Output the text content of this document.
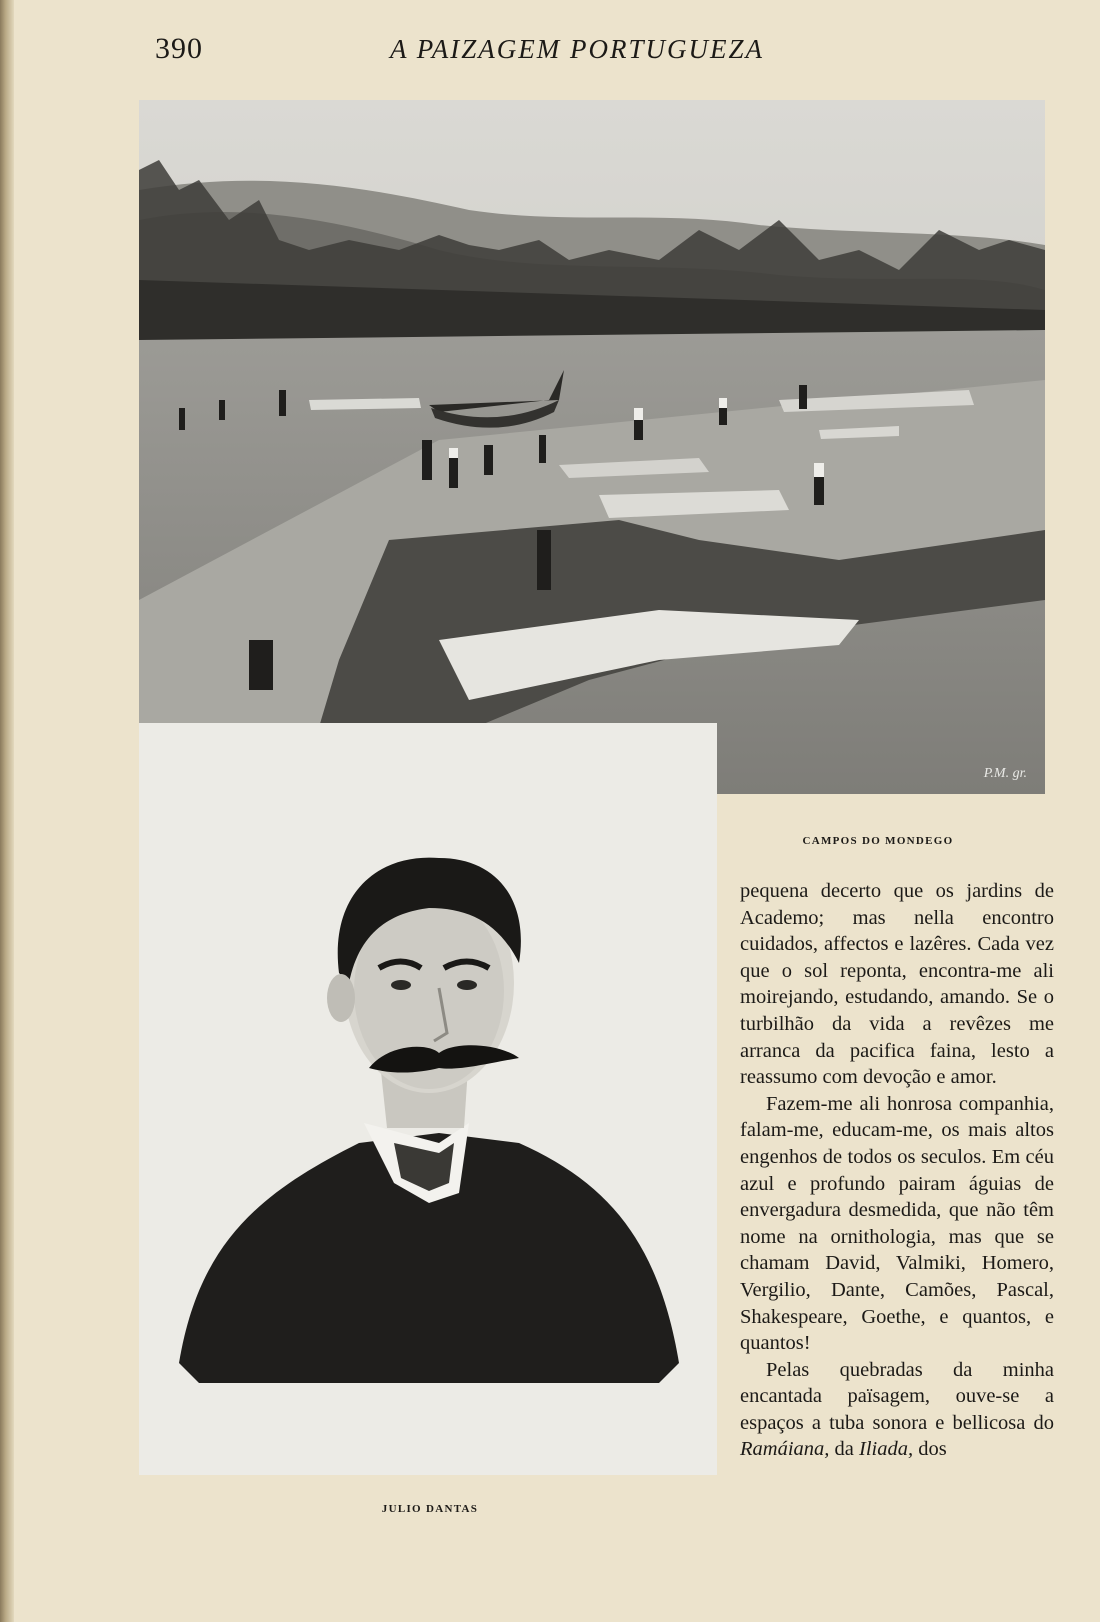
390	A PAIZAGEM PORTUGUEZA
P.M. gr.
CAMPOS DO MONDEGO
JULIO DANTAS

pequena decerto que os jardins de Academo; mas nella encontro cuidados, affectos e lazêres. Cada vez que o sol reponta, encontra-me ali moirejando, estudando, amando. Se o turbilhão da vida a revêzes me arranca da pacifica faina, lesto a reassumo com devoção e amor.

Fazem-me ali honrosa companhia, falam-me, educam-me, os mais altos engenhos de todos os seculos. Em céu azul e profundo pairam águias de envergadura desmedida, que não têm nome na ornithologia, mas que se chamam David, Valmiki, Homero, Vergilio, Dante, Camões, Pascal, Shakespeare, Goethe, e quantos, e quantos!

Pelas quebradas da minha encantada païsagem, ouve-se a espaços a tuba sonora e bellicosa do Ramáiana, da Iliada, dos
